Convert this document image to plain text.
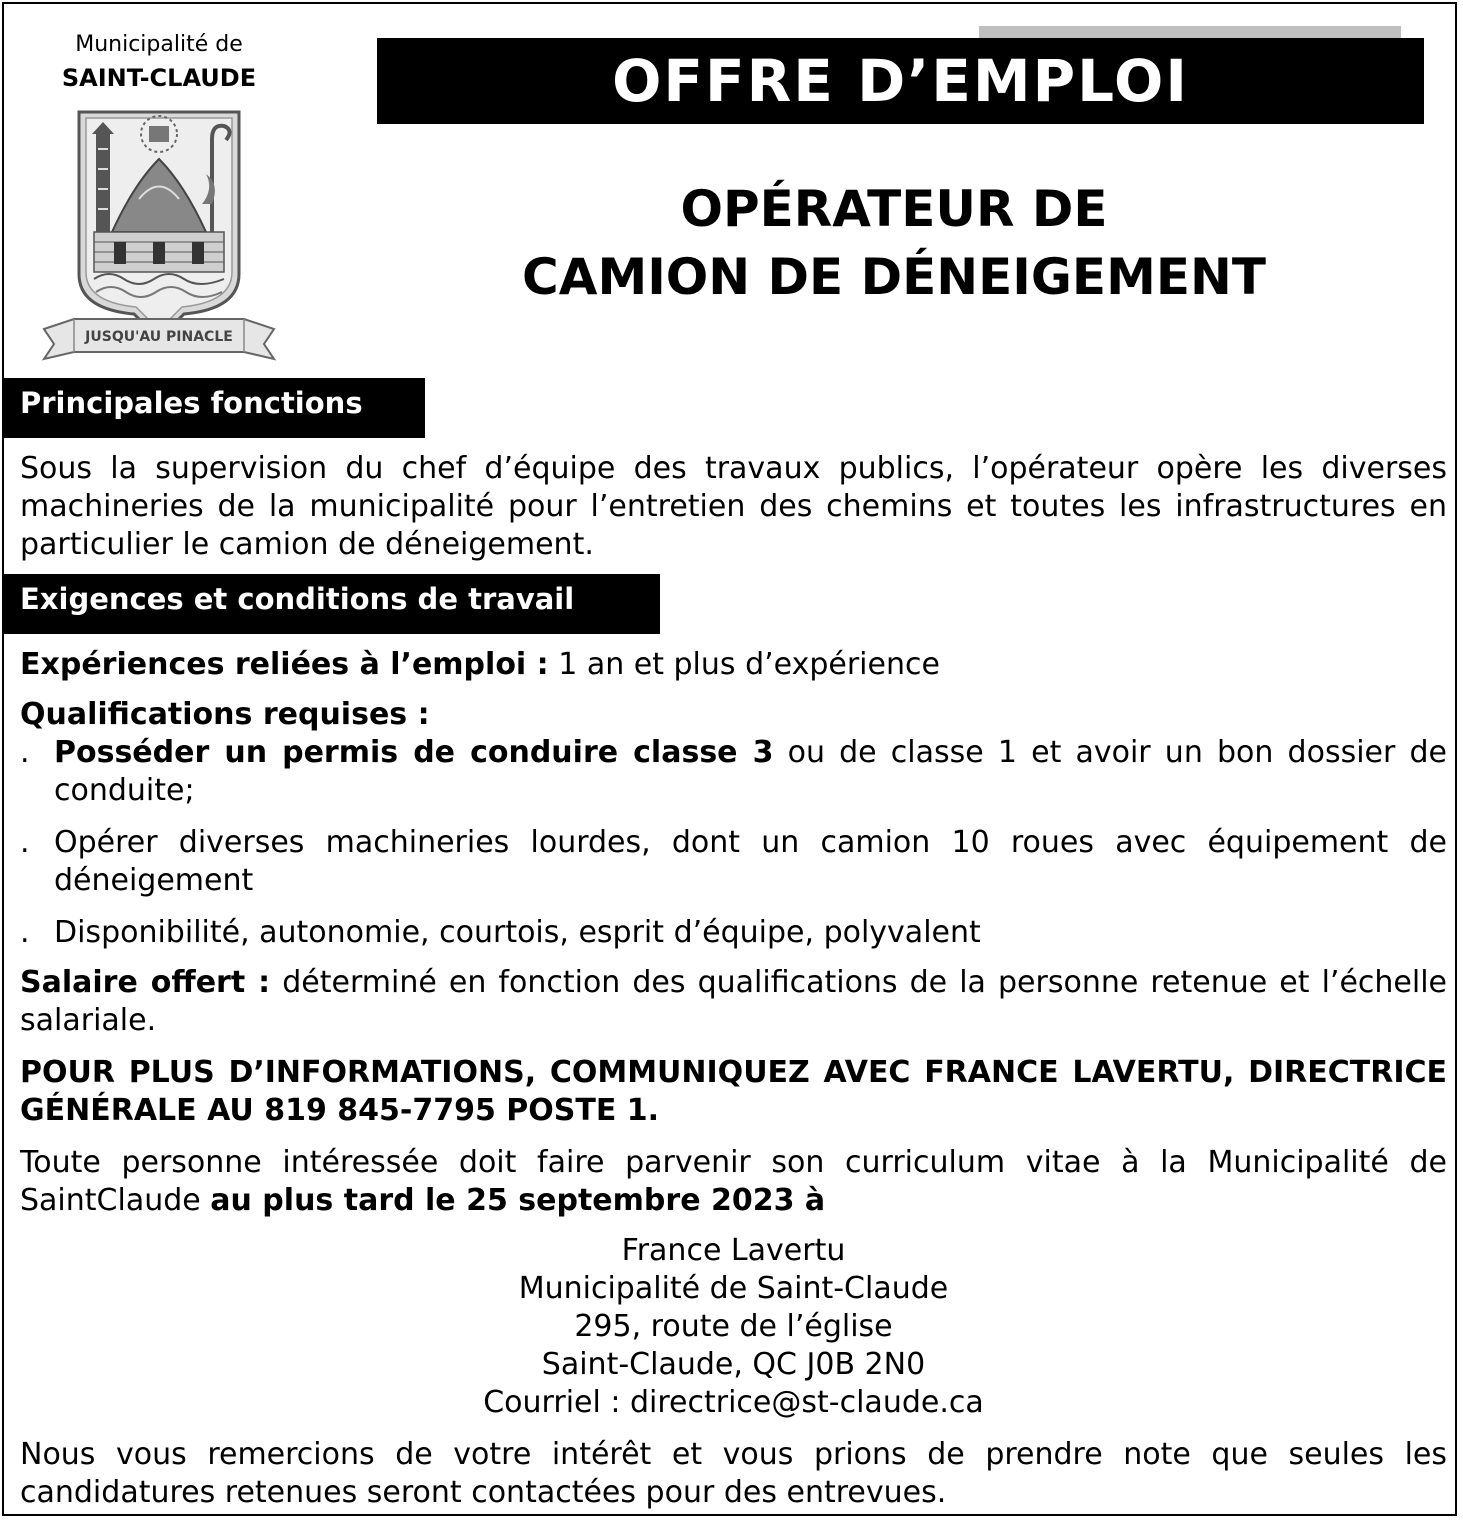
Municipalité de
SAINT-CLAUDE
JUSQU'AU PINACLE
OFFRE D’EMPLOI
OPÉRATEUR DE
CAMION DE DÉNEIGEMENT
Principales fonctions
Sous la supervision du chef d’équipe des travaux publics, l’opérateur opère les diverses machineries de la municipalité pour l’entretien des chemins et toutes les infrastructures en particulier le camion de déneigement.
Exigences et conditions de travail
Expériences reliées à l’emploi : 1 an et plus d’expérience
Qualifications requises :
. Posséder un permis de conduire classe 3 ou de classe 1 et avoir un bon dossier de conduite;
. Opérer diverses machineries lourdes, dont un camion 10 roues avec équipement de déneigement
. Disponibilité, autonomie, courtois, esprit d’équipe, polyvalent
Salaire offert : déterminé en fonction des qualifications de la personne retenue et l’échelle salariale.
POUR PLUS D’INFORMATIONS, COMMUNIQUEZ AVEC FRANCE LAVERTU, DIRECTRICE GÉNÉRALE AU 819 845-7795 POSTE 1.
Toute personne intéressée doit faire parvenir son curriculum vitae à la Municipalité de SaintClaude au plus tard le 25 septembre 2023 à
France Lavertu
Municipalité de Saint-Claude
295, route de l’église
Saint-Claude, QC J0B 2N0
Courriel : directrice@st-claude.ca
Nous vous remercions de votre intérêt et vous prions de prendre note que seules les candidatures retenues seront contactées pour des entrevues.
